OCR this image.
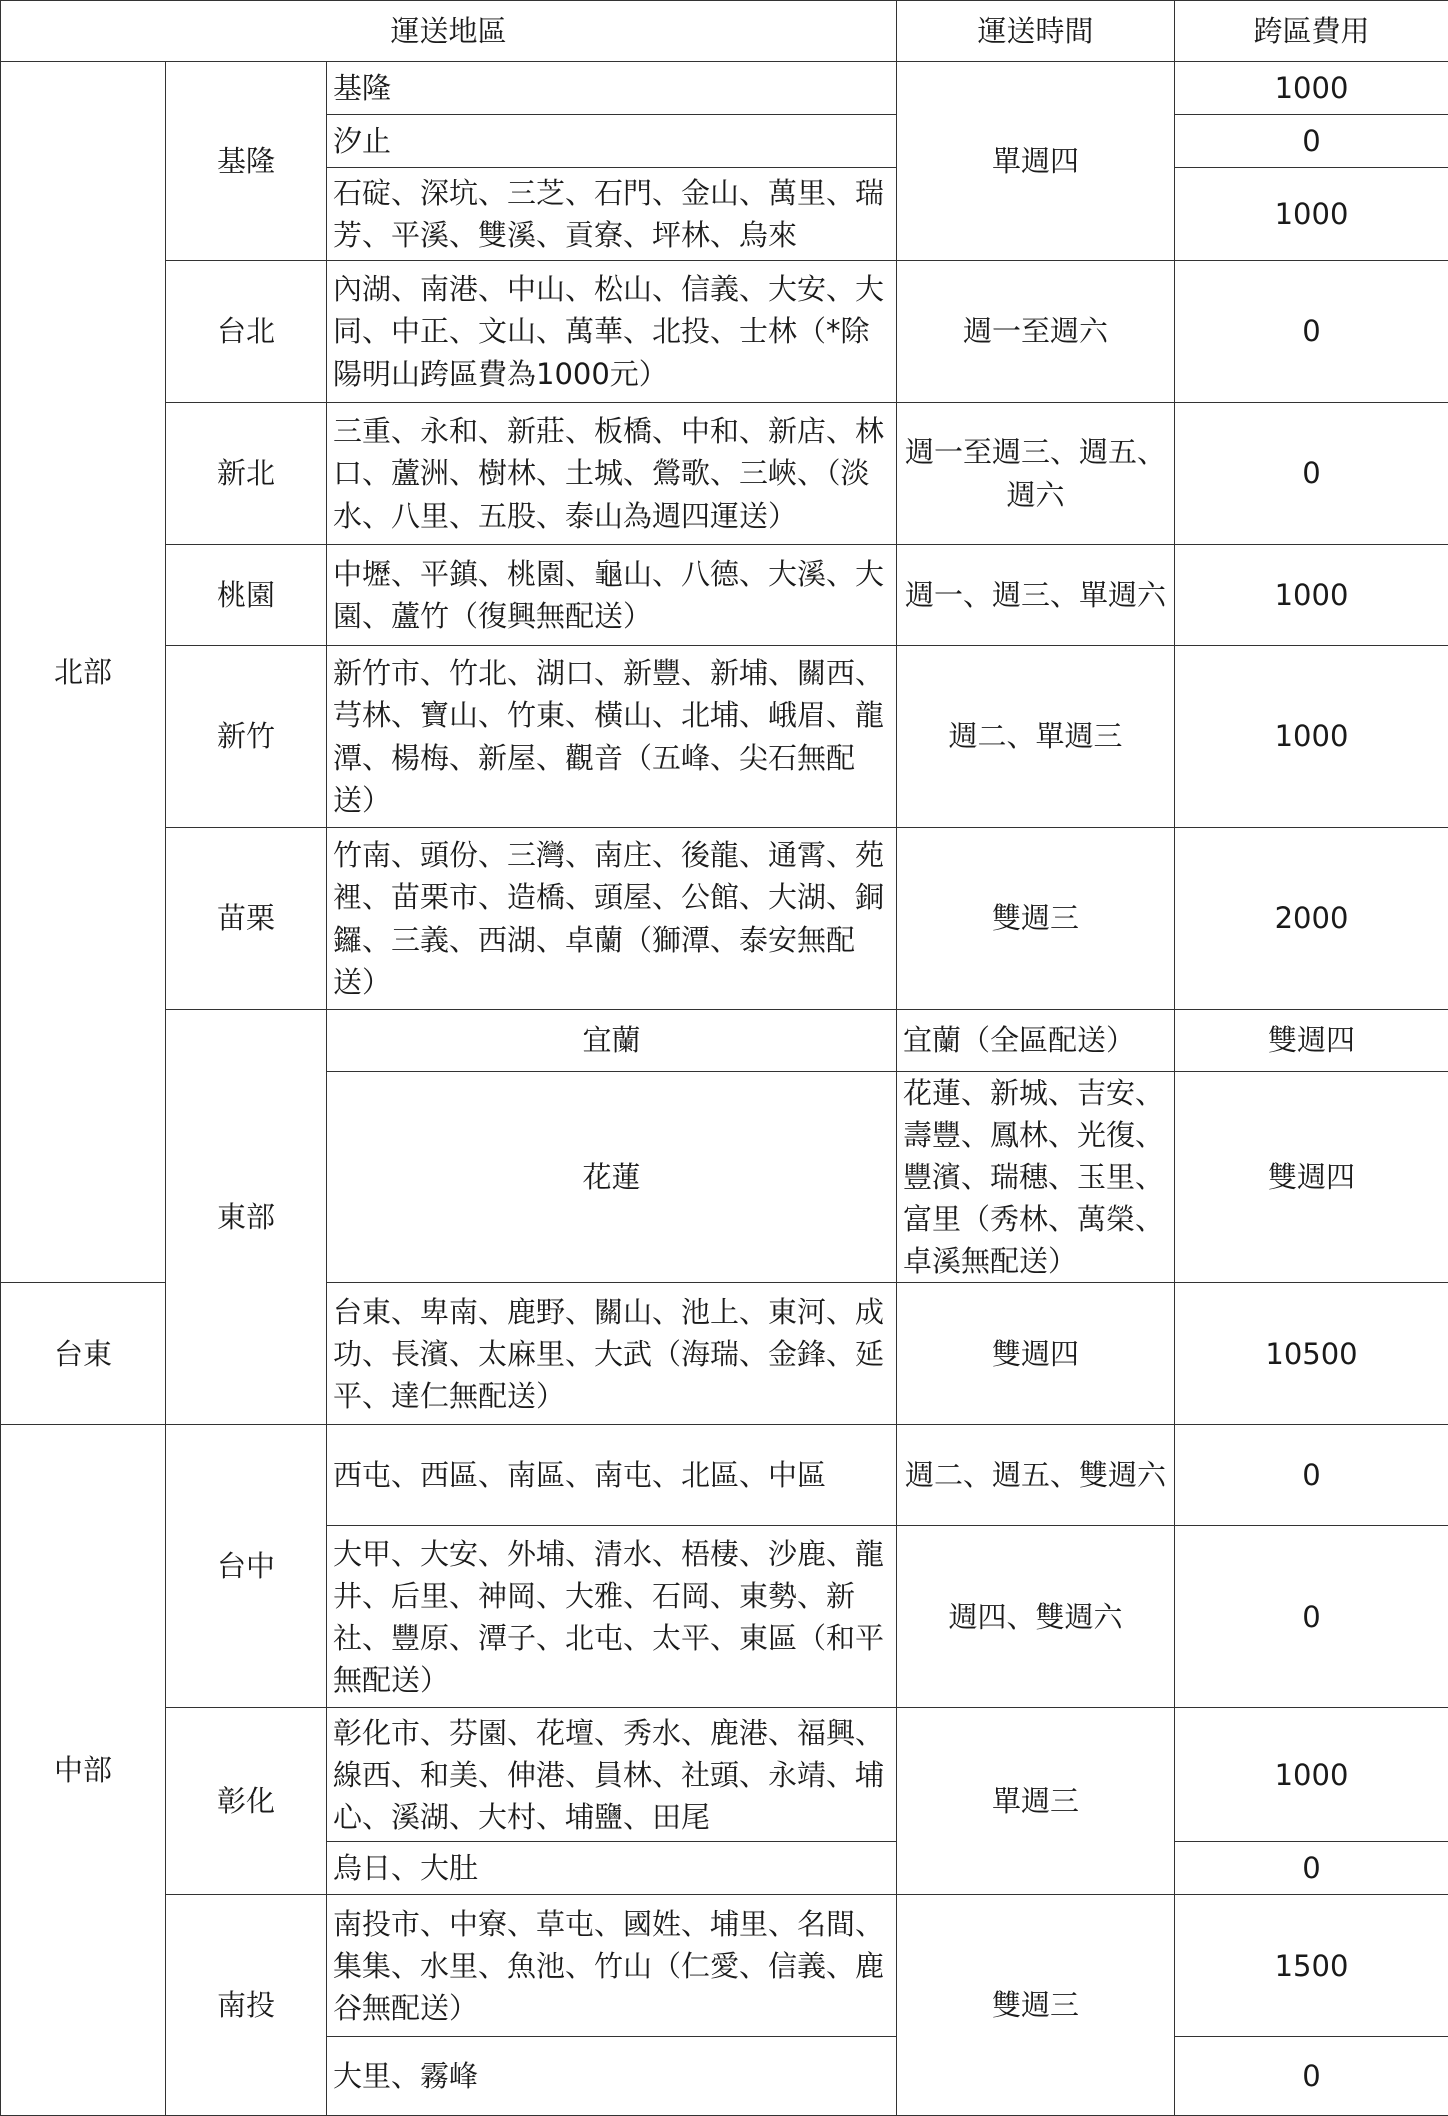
運送地區			運送時間	跨區費用	
北部	基隆	基隆	單週四	1000	
		汐止		0	
		石碇、深坑、三芝、石門、金山、萬里、瑞芳、平溪、雙溪、貢寮、坪林、烏來		1000	
	台北	內湖、南港、中山、松山、信義、大安、大同、中正、文山、萬華、北投、士林（*除陽明山跨區費為1000元）	週一至週六	0	
	新北	三重、永和、新莊、板橋、中和、新店、林口、蘆洲、樹林、土城、鶯歌、三峽、（淡水、八里、五股、泰山為週四運送）	週一至週三、週五、週六	0	
	桃園	中壢、平鎮、桃園、龜山、八德、大溪、大園、蘆竹（復興無配送）	週一、週三、單週六	1000	
	新竹	新竹市、竹北、湖口、新豐、新埔、關西、芎林、寶山、竹東、橫山、北埔、峨眉、龍潭、楊梅、新屋、觀音（五峰、尖石無配送）	週二、單週三	1000	
	苗栗	竹南、頭份、三灣、南庄、後龍、通霄、苑裡、苗栗市、造橋、頭屋、公館、大湖、銅鑼、三義、西湖、卓蘭（獅潭、泰安無配送）	雙週三	2000	
	東部	宜蘭	宜蘭（全區配送）	雙週四	
		花蓮	花蓮、新城、吉安、壽豐、鳳林、光復、豐濱、瑞穗、玉里、富里（秀林、萬榮、卓溪無配送）	雙週四	
台東		台東、卑南、鹿野、關山、池上、東河、成功、長濱、太麻里、大武（海瑞、金鋒、延平、達仁無配送）	雙週四	10500	
中部	台中	西屯、西區、南區、南屯、北區、中區	週二、週五、雙週六	0	
		大甲、大安、外埔、清水、梧棲、沙鹿、龍井、后里、神岡、大雅、石岡、東勢、新社、豐原、潭子、北屯、太平、東區（和平無配送）	週四、雙週六	0	
	彰化	彰化市、芬園、花壇、秀水、鹿港、福興、線西、和美、伸港、員林、社頭、永靖、埔心、溪湖、大村、埔鹽、田尾	單週三	1000	
		烏日、大肚		0	
	南投	南投市、中寮、草屯、國姓、埔里、名間、集集、水里、魚池、竹山（仁愛、信義、鹿谷無配送）	雙週三	1500	
		大里、霧峰		0	
